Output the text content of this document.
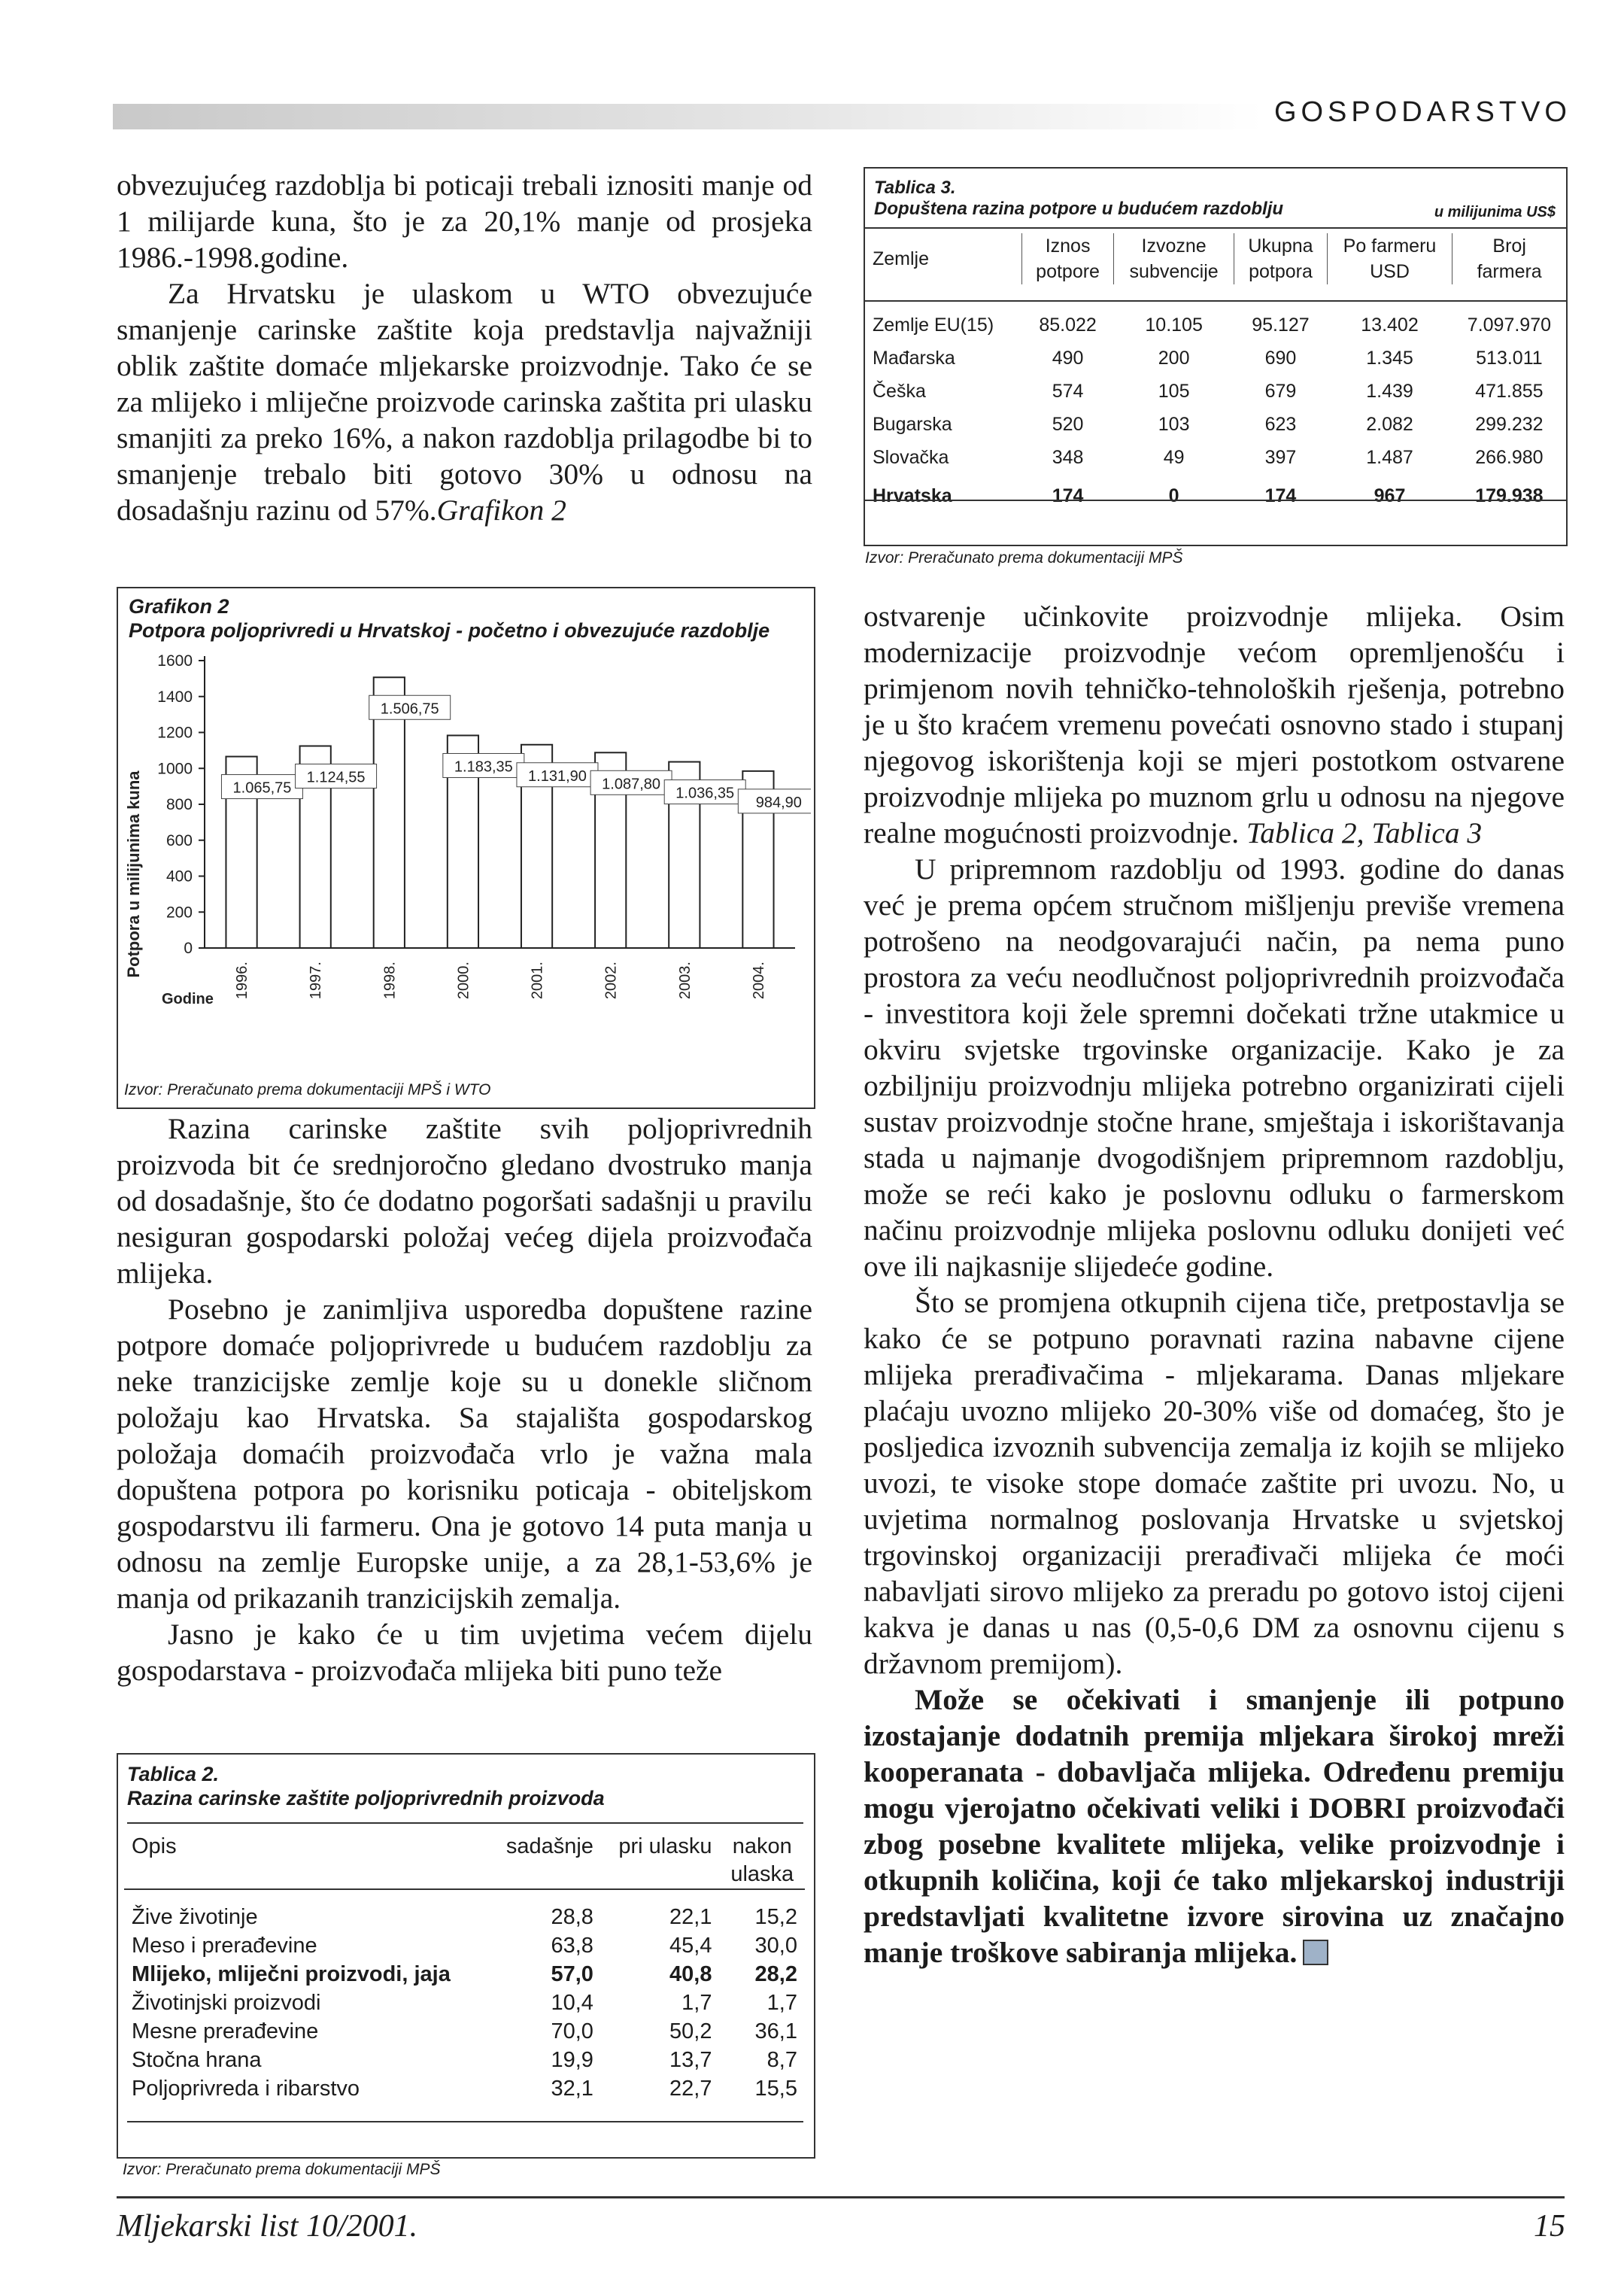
GOSPODARSTVO

obvezujućeg razdoblja bi poticaji trebali iznositi manje od 1 milijarde kuna, što je za 20,1% manje od prosjeka 1986.-1998.godine.

Za Hrvatsku je ulaskom u WTO obvezujuće smanjenje carinske zaštite koja predstavlja najvažniji oblik zaštite domaće mljekarske proizvodnje. Tako će se za mlijeko i mliječne proizvode carinska zaštita pri ulasku smanjiti za preko 16%, a nakon razdoblja prilagodbe bi to smanjenje trebalo biti gotovo 30% u odnosu na dosadašnju razinu od 57%.Grafikon 2

Grafikon 2
Potpora poljoprivredi u Hrvatskoj - početno i obvezujuće razdoblje
1.065,75
1.124,55
1.506,75
1.183,35
1.131,90 1.087,80
1.036,35
984,90
1996.	1997.	1998.	2000.	2001.	2002.	2003.	2004.
0
200
400
600
800
1000
1200
1400
1600
Potpora u milijunima kuna
Godine
Izvor: Preračunato prema dokumentaciji MPŠ i WTO

Razina carinske zaštite svih poljoprivrednih proizvoda bit će srednjoročno gledano dvostruko manja od dosadašnje, što će dodatno pogoršati sadašnji u pravilu nesiguran gospodarski položaj većeg dijela proizvođača mlijeka.

Posebno je zanimljiva usporedba dopuštene razine potpore domaće poljoprivrede u budućem razdoblju za neke tranzicijske zemlje koje su u donekle sličnom položaju kao Hrvatska. Sa stajališta gospodarskog položaja domaćih proizvođača vrlo je važna mala dopuštena potpora po korisniku poticaja - obiteljskom gospodarstvu ili farmeru. Ona je gotovo 14 puta manja u odnosu na zemlje Europske unije, a za 28,1-53,6% je manja od prikazanih tranzicijskih zemalja.

Jasno je kako će u tim uvjetima većem dijelu gospodarstava - proizvođača mlijeka biti puno teže

Tablica 2.
Razina carinske zaštite poljoprivrednih proizvoda
Opis	sadašnje	pri ulasku	nakon
			ulaska

Žive životinje	28,8	22,1	15,2
Meso i prerađevine	63,8	45,4	30,0
Mlijeko, mliječni proizvodi, jaja	57,0	40,8	28,2
Životinjski proizvodi	10,4	1,7	1,7
Mesne prerađevine	70,0	50,2	36,1
Stočna hrana	19,9	13,7	8,7
Poljoprivreda i ribarstvo	32,1	22,7	15,5
Izvor: Preračunato prema dokumentaciji MPŠ
Tablica 3.
Dopuštena razina potpore u budućem razdoblju	u milijunima US$
Zemlje	Iznos	Izvozne	Ukupna	Po farmeru	Broj
	potpore	subvencije	potpora	USD	farmera

Zemlje EU(15)	85.022	10.105	95.127	13.402	7.097.970
Mađarska	490	200	690	1.345	513.011
Češka	574	105	679	1.439	471.855
Bugarska	520	103	623	2.082	299.232
Slovačka	348	49	397	1.487	266.980
Hrvatska	174	0	174	967	179.938
Izvor: Preračunato prema dokumentaciji MPŠ

ostvarenje učinkovite proizvodnje mlijeka. Osim modernizacije proizvodnje većom opremljenošću i primjenom novih tehničko-tehnoloških rješenja, potrebno je u što kraćem vremenu povećati osnovno stado i stupanj njegovog iskorištenja koji se mjeri postotkom ostvarene proizvodnje mlijeka po muznom grlu u odnosu na njegove realne mogućnosti proizvodnje. Tablica 2, Tablica 3

U pripremnom razdoblju od 1993. godine do danas već je prema općem stručnom mišljenju previše vremena potrošeno na neodgovarajući način, pa nema puno prostora za veću neodlučnost poljoprivrednih proizvođača - investitora koji žele spremni dočekati tržne utakmice u okviru svjetske trgovinske organizacije. Kako je za ozbiljniju proizvodnju mlijeka potrebno organizirati cijeli sustav proizvodnje stočne hrane, smještaja i iskorištavanja stada u najmanje dvogodišnjem pripremnom razdoblju, može se reći kako je poslovnu odluku o farmerskom načinu proizvodnje mlijeka poslovnu odluku donijeti već ove ili najkasnije slijedeće godine.

Što se promjena otkupnih cijena tiče, pretpostavlja se kako će se potpuno poravnati razina nabavne cijene mlijeka prerađivačima - mljekarama. Danas mljekare plaćaju uvozno mlijeko 20-30% više od domaćeg, što je posljedica izvoznih subvencija zemalja iz kojih se mlijeko uvozi, te visoke stope domaće zaštite pri uvozu. No, u uvjetima normalnog poslovanja Hrvatske u svjetskoj trgovinskoj organizaciji prerađivači mlijeka će moći nabavljati sirovo mlijeko za preradu po gotovo istoj cijeni kakva je danas u nas (0,5-0,6 DM za osnovnu cijenu s državnom premijom).

Može se očekivati i smanjenje ili potpuno izostajanje dodatnih premija mljekara širokoj mreži kooperanata - dobavljača mlijeka. Određenu premiju mogu vjerojatno očekivati veliki i DOBRI proizvođači zbog posebne kvalitete mlijeka, velike proizvodnje i otkupnih količina, koji će tako mljekarskoj industriji predstavljati kvalitetne izvore sirovina uz značajno manje troškove sabiranja mlijeka.

Mljekarski list 10/2001.	15
